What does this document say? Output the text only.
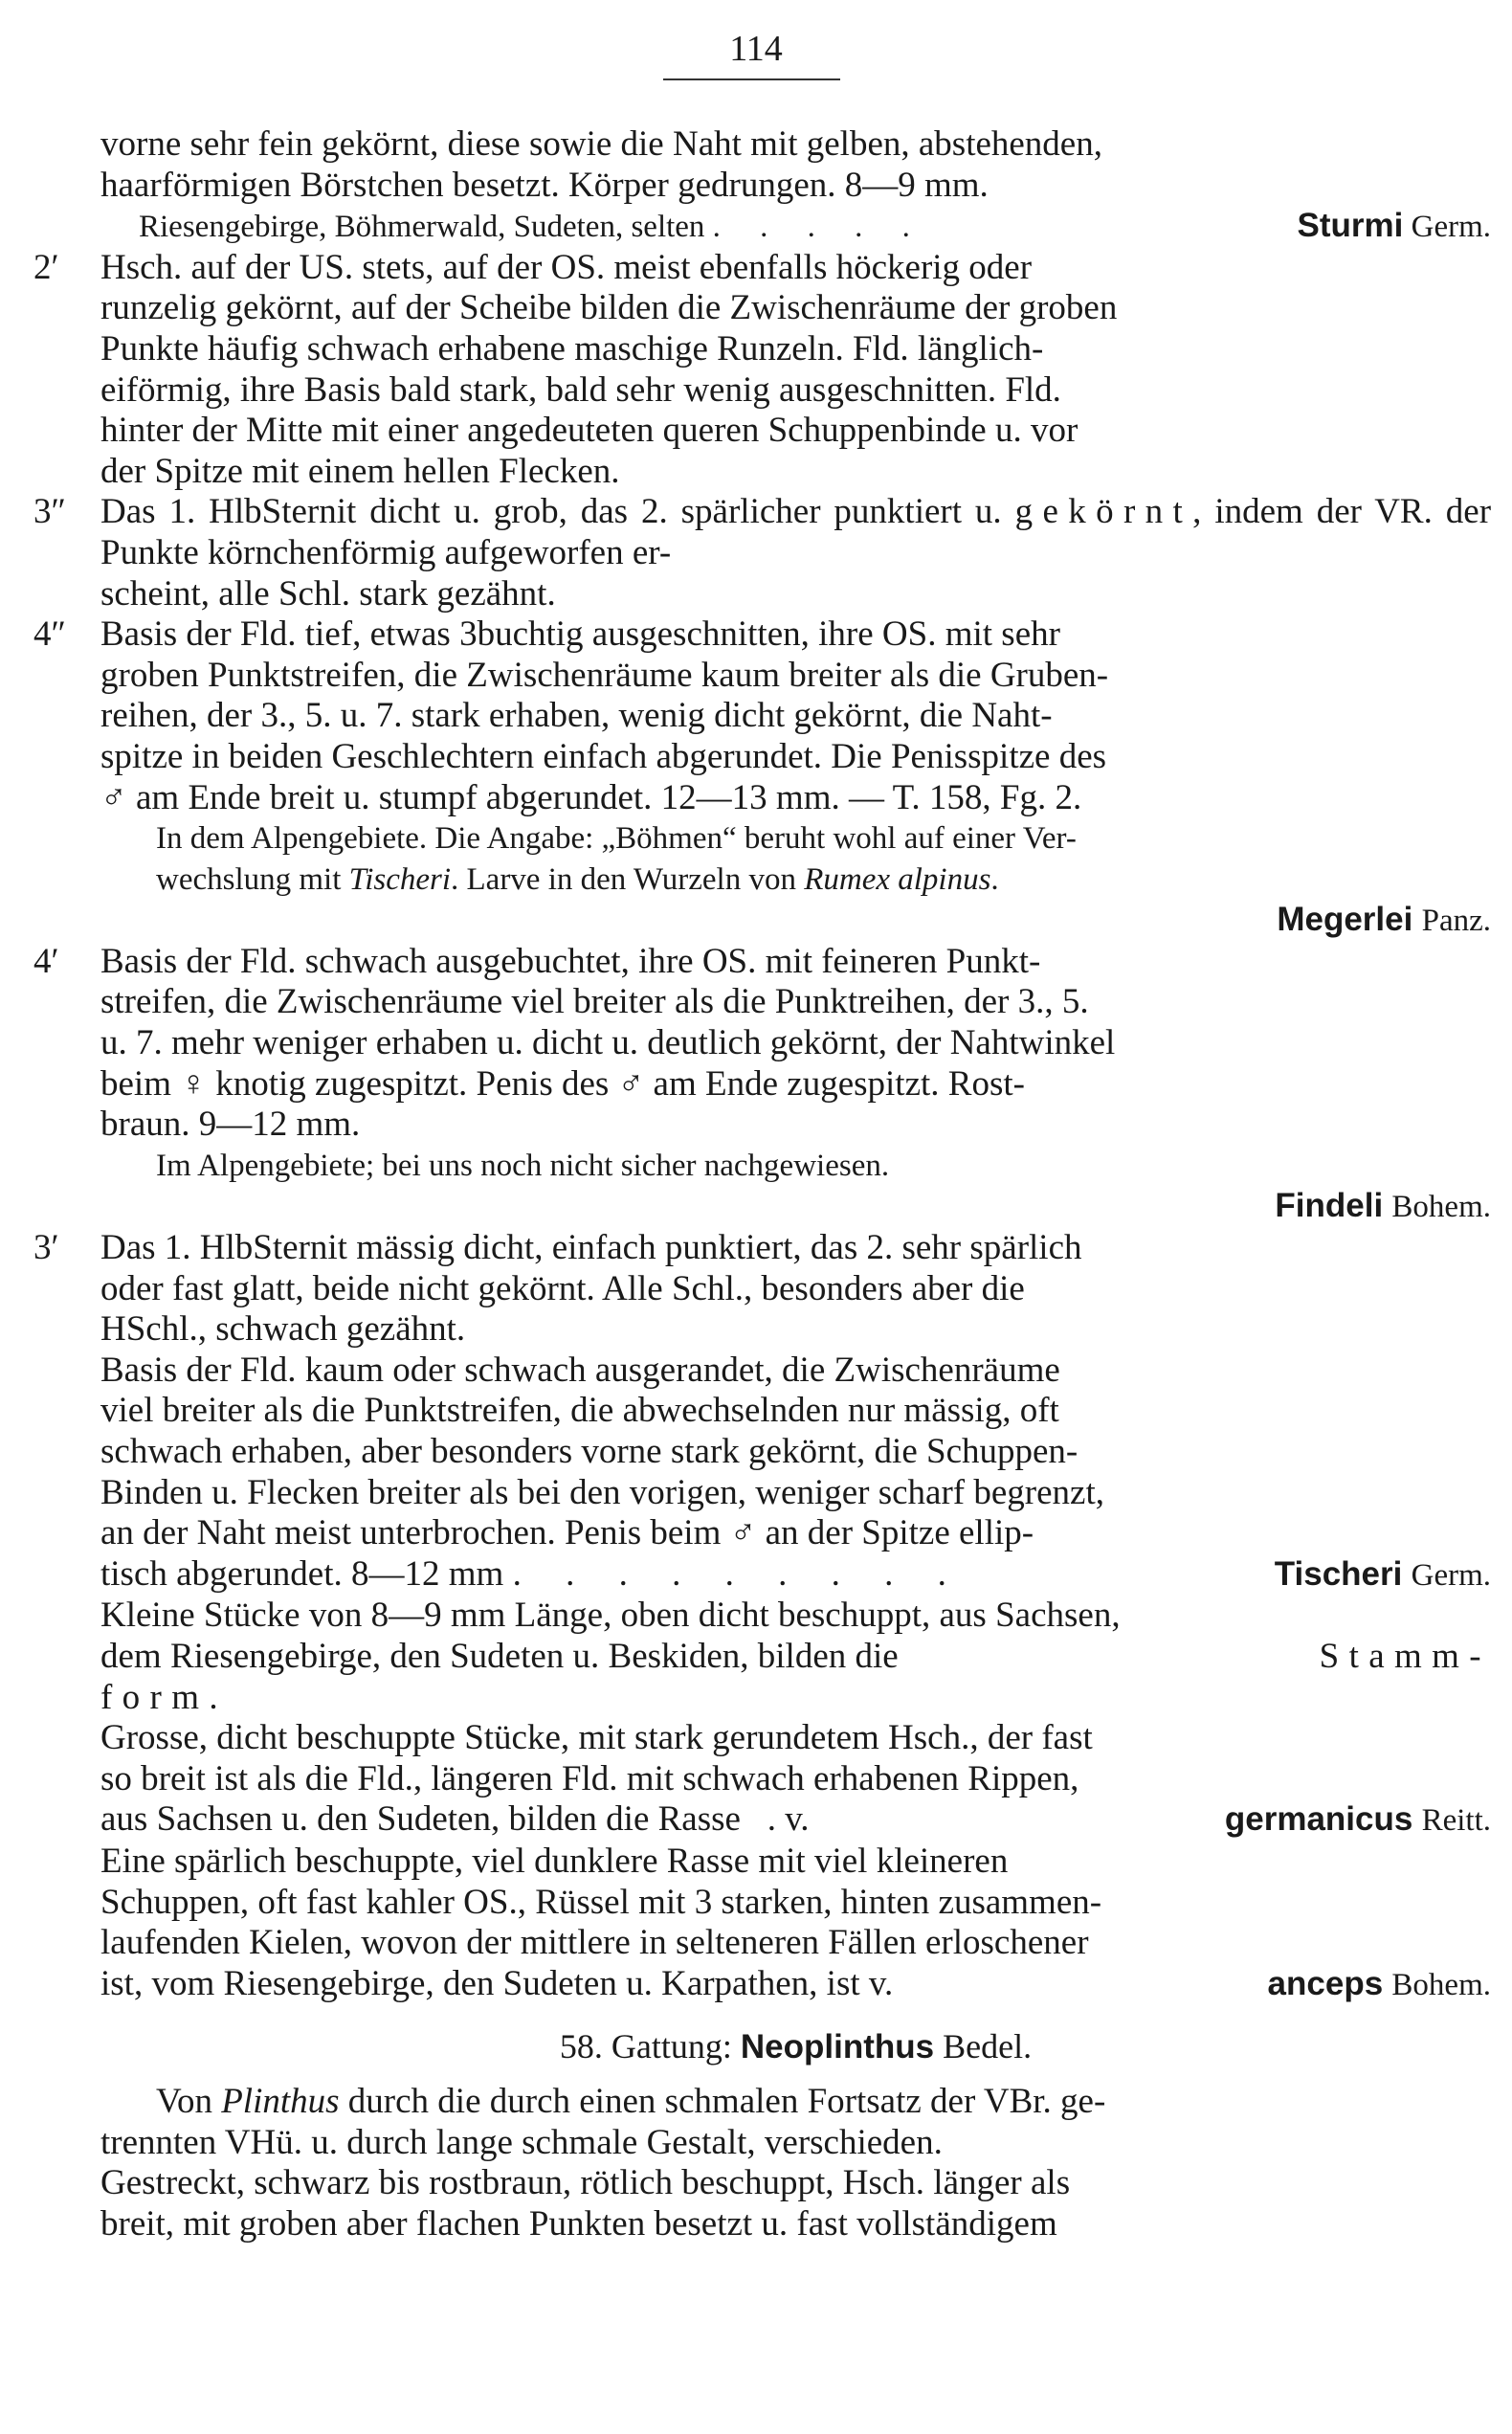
114
vorne sehr fein gekörnt, diese sowie die Naht mit gelben, abstehenden,
haarförmigen Börstchen besetzt. Körper gedrungen. 8—9 mm.
Riesengebirge, Böhmerwald, Sudeten, selten . . . . .	Sturmi Germ.
2′	Hsch. auf der US. stets, auf der OS. meist ebenfalls höckerig oder
runzelig gekörnt, auf der Scheibe bilden die Zwischenräume der groben
Punkte häufig schwach erhabene maschige Runzeln. Fld. länglich-
eiförmig, ihre Basis bald stark, bald sehr wenig ausgeschnitten. Fld.
hinter der Mitte mit einer angedeuteten queren Schuppenbinde u. vor
der Spitze mit einem hellen Flecken.
3″ Das 1. HlbSternit dicht u. grob, das 2. spärlicher punktiert u. gekörnt, indem der VR. der Punkte körnchenförmig aufgeworfen er-
scheint, alle Schl. stark gezähnt.
4″ Basis der Fld. tief, etwas 3buchtig ausgeschnitten, ihre OS. mit sehr
groben Punktstreifen, die Zwischenräume kaum breiter als die Gruben-
reihen, der 3., 5. u. 7. stark erhaben, wenig dicht gekörnt, die Naht-
spitze in beiden Geschlechtern einfach abgerundet. Die Penisspitze des
♂ am Ende breit u. stumpf abgerundet. 12—13 mm. — T. 158, Fg. 2.
In dem Alpengebiete. Die Angabe: „Böhmen“ beruht wohl auf einer Ver-
wechslung mit Tischeri. Larve in den Wurzeln von Rumex alpinus.
Megerlei Panz.
4′	Basis der Fld. schwach ausgebuchtet, ihre OS. mit feineren Punkt-
streifen, die Zwischenräume viel breiter als die Punktreihen, der 3., 5.
u. 7. mehr weniger erhaben u. dicht u. deutlich gekörnt, der Nahtwinkel
beim ♀ knotig zugespitzt. Penis des ♂ am Ende zugespitzt. Rost-
braun. 9—12 mm.
Im Alpengebiete; bei uns noch nicht sicher nachgewiesen.
Findeli Bohem.
3′	Das 1. HlbSternit mässig dicht, einfach punktiert, das 2. sehr spärlich
oder fast glatt, beide nicht gekörnt. Alle Schl., besonders aber die
HSchl., schwach gezähnt.
Basis der Fld. kaum oder schwach ausgerandet, die Zwischenräume
viel breiter als die Punktstreifen, die abwechselnden nur mässig, oft
schwach erhaben, aber besonders vorne stark gekörnt, die Schuppen-
Binden u. Flecken breiter als bei den vorigen, weniger scharf begrenzt,
an der Naht meist unterbrochen. Penis beim ♂ an der Spitze ellip-
tisch abgerundet. 8—12 mm . . . . . . . . .	Tischeri Germ.
Kleine Stücke von 8—9 mm Länge, oben dicht beschuppt, aus Sachsen,
dem Riesengebirge, den Sudeten u. Beskiden, bilden die	Stamm-
form.
Grosse, dicht beschuppte Stücke, mit stark gerundetem Hsch., der fast
so breit ist als die Fld., längeren Fld. mit schwach erhabenen Rippen,
aus Sachsen u. den Sudeten, bilden die Rasse . v.	germanicus Reitt.
Eine spärlich beschuppte, viel dunklere Rasse mit viel kleineren
Schuppen, oft fast kahler OS., Rüssel mit 3 starken, hinten zusammen-
laufenden Kielen, wovon der mittlere in selteneren Fällen erloschener
ist, vom Riesengebirge, den Sudeten u. Karpathen, ist v.	anceps Bohem.
58. Gattung: Neoplinthus Bedel.
Von Plinthus durch die durch einen schmalen Fortsatz der VBr. ge-
trennten VHü. u. durch lange schmale Gestalt, verschieden.
Gestreckt, schwarz bis rostbraun, rötlich beschuppt, Hsch. länger als
breit, mit groben aber flachen Punkten besetzt u. fast vollständigem
